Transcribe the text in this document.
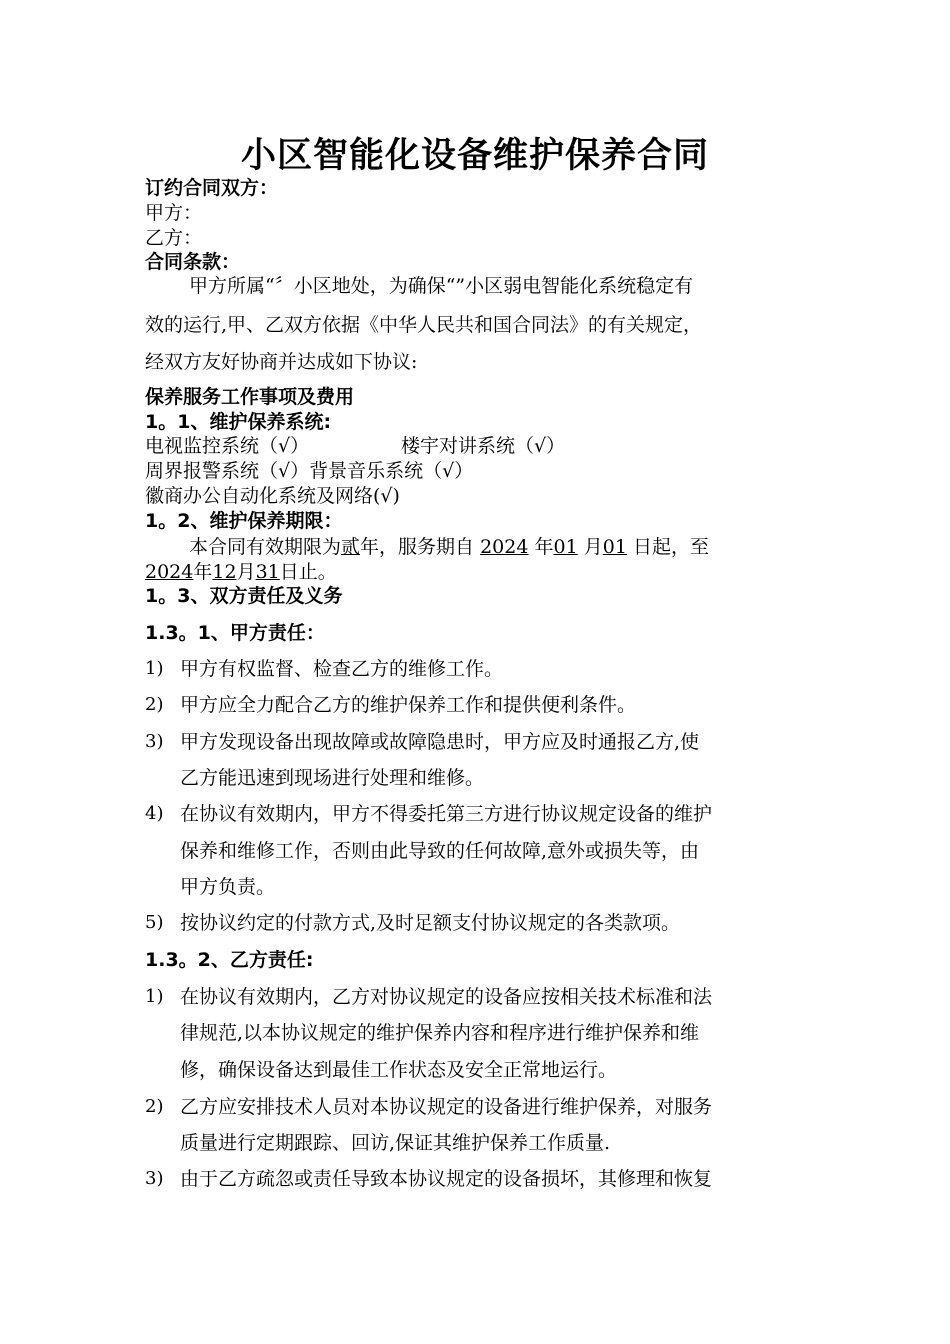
小区智能化设备维护保养合同
订约合同双方：
甲方：
乙方：
合同条款：
甲方所属“〞小区地处，为确保“”小区弱电智能化系统稳定有
效的运行,甲、乙双方依据《中华人民共和国合同法》的有关规定，
经双方友好协商并达成如下协议:
保养服务工作事项及费用
1。1、维护保养系统:
电视监控系统（√）	楼宇对讲系统（√）
周界报警系统（√）背景音乐系统（√）
徽商办公自动化系统及网络(√)
1。2、维护保养期限：
本合同有效期限为贰年，服务期自 2024 年01 月01 日起，至
2024年12月31日止。
1。3、双方责任及义务
1.3。1、甲方责任：
1) 甲方有权监督、检查乙方的维修工作。
2) 甲方应全力配合乙方的维护保养工作和提供便利条件。
3) 甲方发现设备出现故障或故障隐患时，甲方应及时通报乙方,使
乙方能迅速到现场进行处理和维修。
4) 在协议有效期内，甲方不得委托第三方进行协议规定设备的维护
保养和维修工作，否则由此导致的任何故障,意外或损失等，由
甲方负责。
5) 按协议约定的付款方式,及时足额支付协议规定的各类款项。
1.3。2、乙方责任:
1) 在协议有效期内，乙方对协议规定的设备应按相关技术标准和法
律规范,以本协议规定的维护保养内容和程序进行维护保养和维
修，确保设备达到最佳工作状态及安全正常地运行。
2) 乙方应安排技术人员对本协议规定的设备进行维护保养，对服务
质量进行定期跟踪、回访,保证其维护保养工作质量.
3) 由于乙方疏忽或责任导致本协议规定的设备损坏，其修理和恢复
